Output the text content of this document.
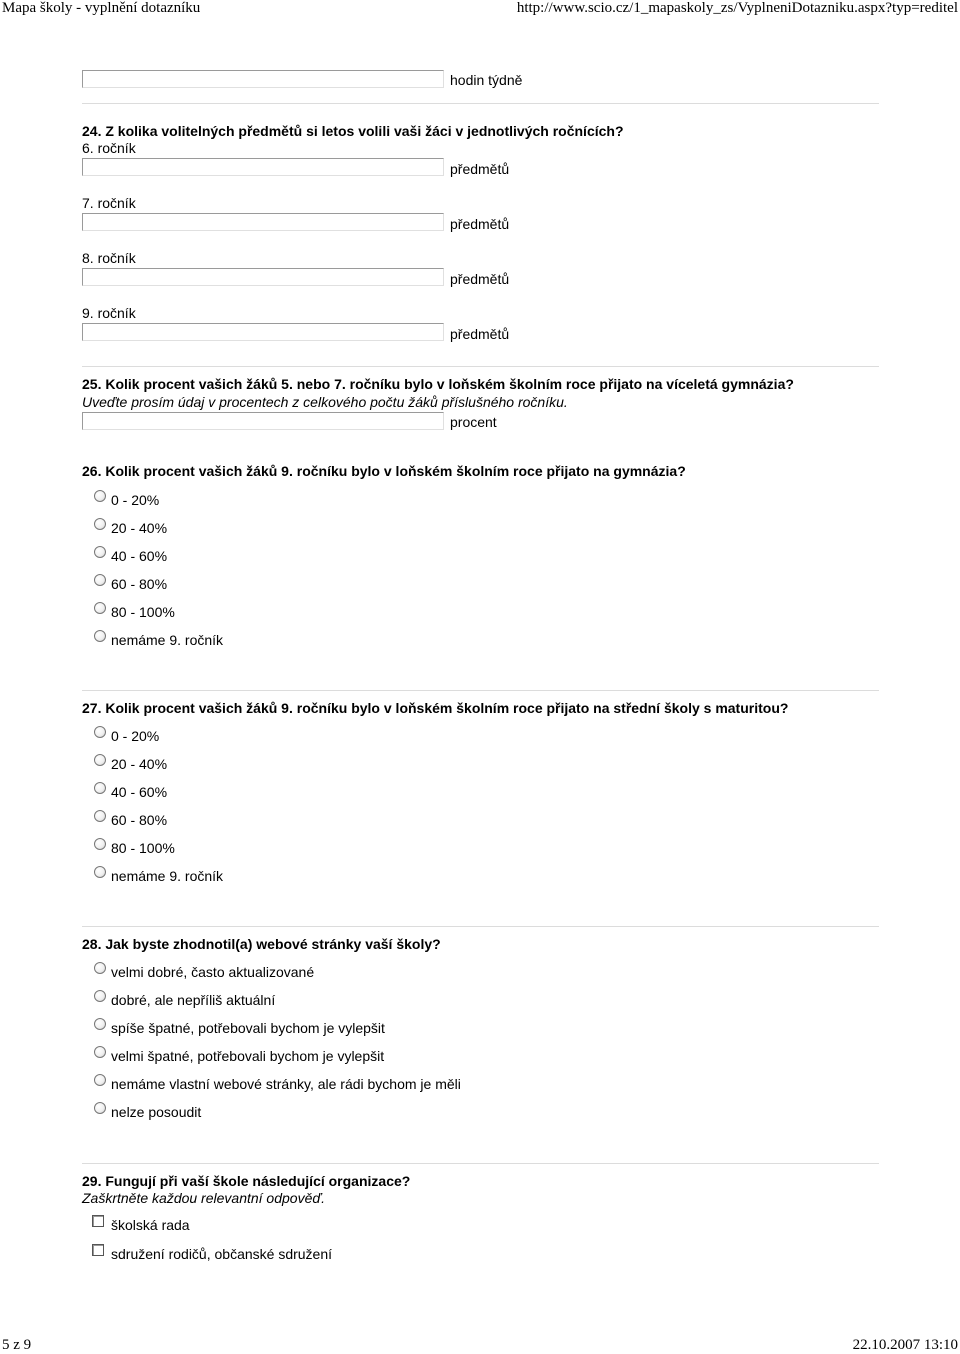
Mapa školy - vyplnění dotazníku	http://www.scio.cz/1_mapaskoly_zs/VyplneniDotazniku.aspx?typ=reditel
hodin týdně
24. Z kolika volitelných předmětů si letos volili vaši žáci v jednotlivých ročnících?
6. ročník
předmětů
7. ročník
předmětů
8. ročník
předmětů
9. ročník
předmětů
25. Kolik procent vašich žáků 5. nebo 7. ročníku bylo v loňském školním roce přijato na víceletá gymnázia?
Uveďte prosím údaj v procentech z celkového počtu žáků příslušného ročníku.
procent
26. Kolik procent vašich žáků 9. ročníku bylo v loňském školním roce přijato na gymnázia?
0 - 20%
20 - 40%
40 - 60%
60 - 80%
80 - 100%
nemáme 9. ročník
27. Kolik procent vašich žáků 9. ročníku bylo v loňském školním roce přijato na střední školy s maturitou?
0 - 20%
20 - 40%
40 - 60%
60 - 80%
80 - 100%
nemáme 9. ročník
28. Jak byste zhodnotil(a) webové stránky vaší školy?
velmi dobré, často aktualizované
dobré, ale nepříliš aktuální
spíše špatné, potřebovali bychom je vylepšit
velmi špatné, potřebovali bychom je vylepšit
nemáme vlastní webové stránky, ale rádi bychom je měli
nelze posoudit
29. Fungují při vaší škole následující organizace?
Zaškrtněte každou relevantní odpověď.
školská rada
sdružení rodičů, občanské sdružení
5 z 9	22.10.2007 13:10
